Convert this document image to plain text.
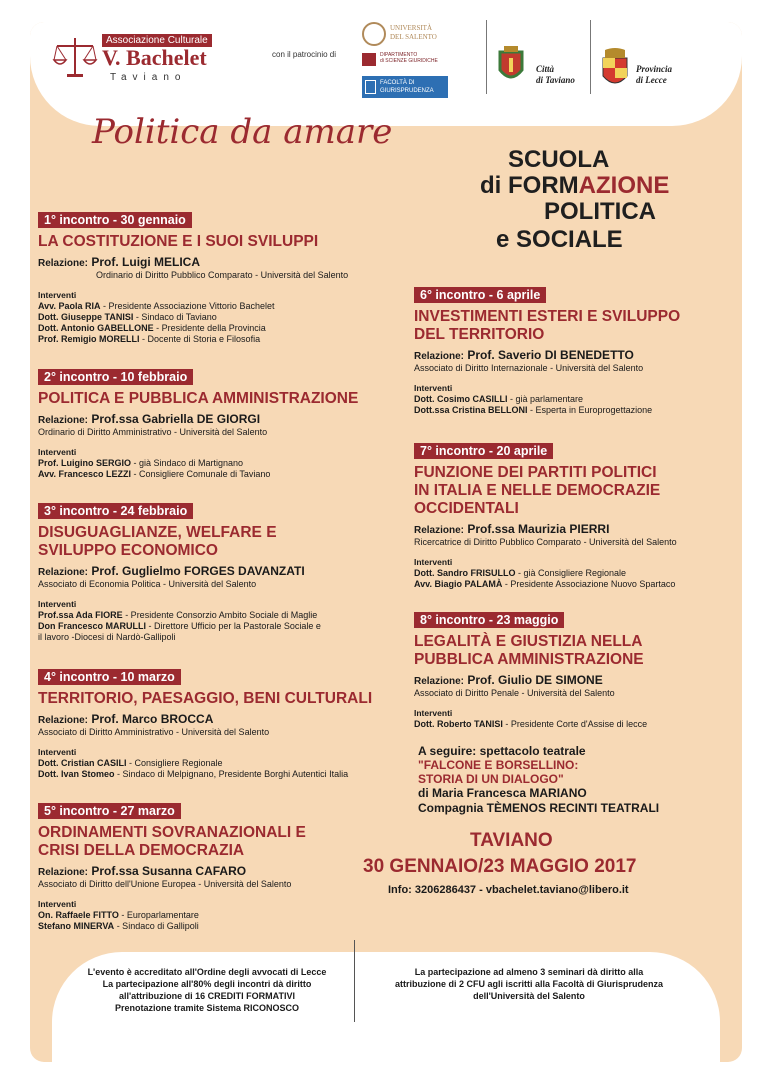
Associazione Culturale
V. Bachelet
Taviano
con il patrocinio di
UNIVERSITÀ
DEL SALENTO
DIPARTIMENTO
di SCIENZE GIURIDICHE
FACOLTÀ DI
GIURISPRUDENZA
Città
di Taviano
Provincia
di Lecce
Politica da amare
SCUOLA
di FORMAZIONE
POLITICA
e SOCIALE
1° incontro - 30 gennaio
LA COSTITUZIONE E I SUOI SVILUPPI
Relazione: Prof. Luigi MELICA
Ordinario di Diritto Pubblico Comparato - Università del Salento
Interventi
Avv. Paola RIA - Presidente Associazione Vittorio Bachelet
Dott. Giuseppe TANISI - Sindaco di Taviano
Dott. Antonio GABELLONE - Presidente della Provincia
Prof. Remigio MORELLI - Docente di Storia e Filosofia
2° incontro - 10 febbraio
POLITICA E PUBBLICA AMMINISTRAZIONE
Relazione: Prof.ssa Gabriella DE GIORGI
Ordinario di Diritto Amministrativo - Università del Salento
Interventi
Prof. Luigino SERGIO - già Sindaco di Martignano
Avv. Francesco LEZZI - Consigliere Comunale di Taviano
3° incontro - 24 febbraio
DISUGUAGLIANZE, WELFARE E
SVILUPPO ECONOMICO
Relazione: Prof. Guglielmo FORGES DAVANZATI
Associato di Economia Politica - Università del Salento
Interventi
Prof.ssa Ada FIORE - Presidente Consorzio Ambito Sociale di Maglie
Don Francesco MARULLI - Direttore Ufficio per la Pastorale Sociale e
il lavoro -Diocesi di Nardò-Gallipoli
4° incontro - 10 marzo
TERRITORIO, PAESAGGIO, BENI CULTURALI
Relazione: Prof. Marco BROCCA
Associato di Diritto Amministrativo - Università del Salento
Interventi
Dott. Cristian CASILI - Consigliere Regionale
Dott. Ivan Stomeo - Sindaco di Melpignano, Presidente Borghi Autentici Italia
5° incontro - 27 marzo
ORDINAMENTI SOVRANAZIONALI E
CRISI DELLA DEMOCRAZIA
Relazione: Prof.ssa Susanna CAFARO
Associato di Diritto dell'Unione Europea - Università del Salento
Interventi
On. Raffaele FITTO - Europarlamentare
Stefano MINERVA - Sindaco di Gallipoli
6° incontro - 6 aprile
INVESTIMENTI ESTERI E SVILUPPO
DEL TERRITORIO
Relazione: Prof. Saverio DI BENEDETTO
Associato di Diritto Internazionale - Università del Salento
Interventi
Dott. Cosimo CASILLI - già parlamentare
Dott.ssa Cristina BELLONI - Esperta in Europrogettazione
7° incontro - 20 aprile
FUNZIONE DEI PARTITI POLITICI
IN ITALIA E NELLE DEMOCRAZIE
OCCIDENTALI
Relazione: Prof.ssa Maurizia PIERRI
Ricercatrice di Diritto Pubblico Comparato - Università del Salento
Interventi
Dott. Sandro FRISULLO - già Consigliere Regionale
Avv. Biagio PALAMÀ - Presidente Associazione Nuovo Spartaco
8° incontro - 23 maggio
LEGALITÀ E GIUSTIZIA NELLA
PUBBLICA AMMINISTRAZIONE
Relazione: Prof. Giulio DE SIMONE
Associato di Diritto Penale - Università del Salento
Interventi
Dott. Roberto TANISI - Presidente Corte d'Assise di lecce
A seguire: spettacolo teatrale
"FALCONE E BORSELLINO:
STORIA DI UN DIALOGO"
di Maria Francesca MARIANO
Compagnia TÈMENOS RECINTI TEATRALI
TAVIANO
30 GENNAIO/23 MAGGIO 2017
Info: 3206286437 - vbachelet.taviano@libero.it
L'evento è accreditato all'Ordine degli avvocati di Lecce
La partecipazione all'80% degli incontri dà diritto
all'attribuzione di 16 CREDITI FORMATIVI
Prenotazione tramite Sistema RICONOSCO
La partecipazione ad almeno 3 seminari dà diritto alla
attribuzione di 2 CFU agli iscritti alla Facoltà di Giurisprudenza
dell'Università del Salento
